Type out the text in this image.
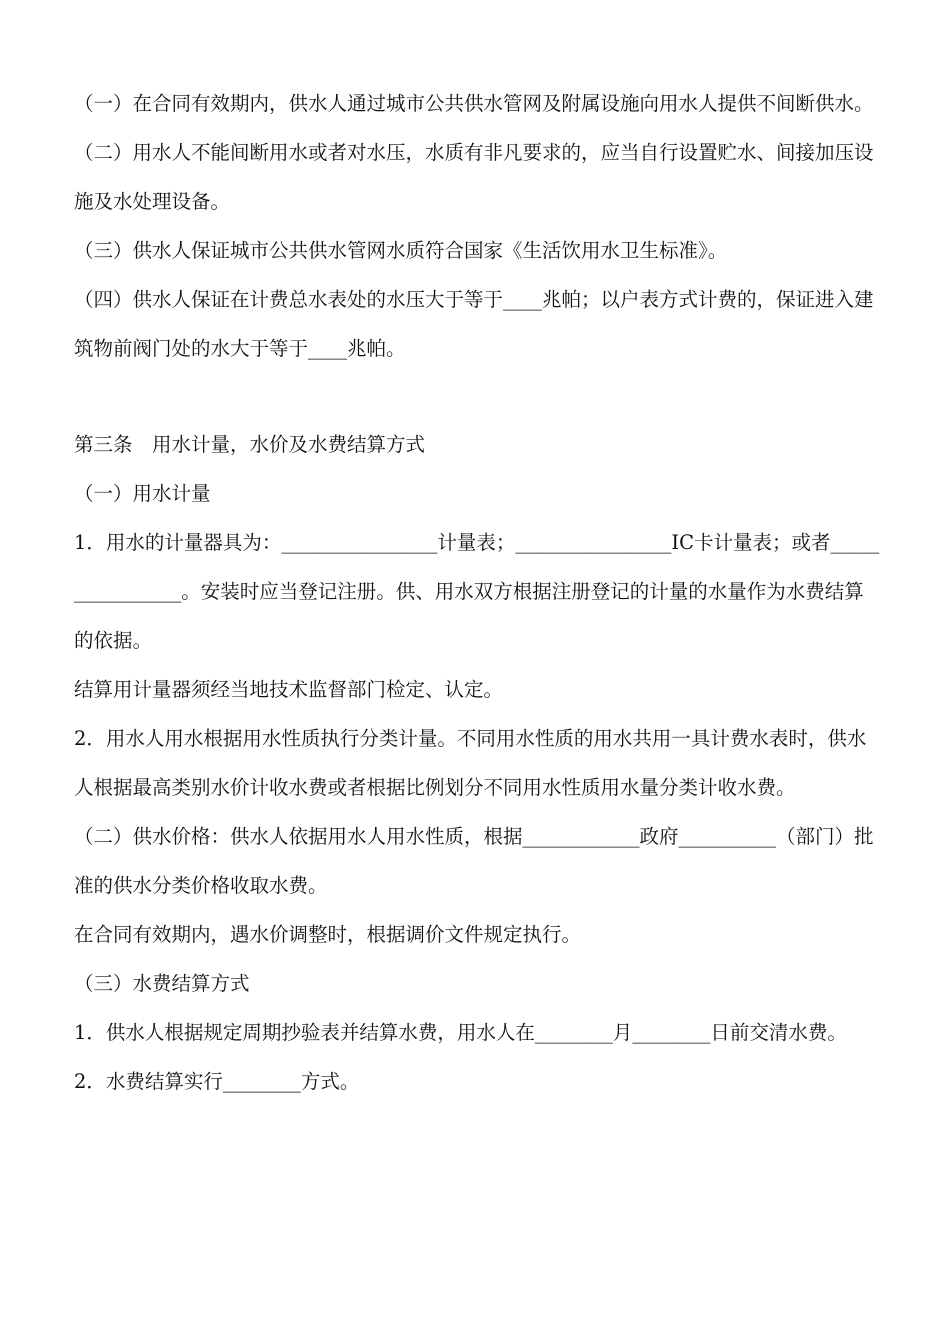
（一）在合同有效期内，供水人通过城市公共供水管网及附属设施向用水人提供不间断供水。

（二）用水人不能间断用水或者对水压，水质有非凡要求的，应当自行设置贮水、间接加压设施及水处理设备。

（三）供水人保证城市公共供水管网水质符合国家《生活饮用水卫生标准》。

（四）供水人保证在计费总水表处的水压大于等于____兆帕；以户表方式计费的，保证进入建筑物前阀门处的水大于等于____兆帕。

第三条　用水计量，水价及水费结算方式

（一）用水计量

1．用水的计量器具为：________________计量表；________________IC卡计量表；或者________________。安装时应当登记注册。供、用水双方根据注册登记的计量的水量作为水费结算的依据。

结算用计量器须经当地技术监督部门检定、认定。

2．用水人用水根据用水性质执行分类计量。不同用水性质的用水共用一具计费水表时，供水人根据最高类别水价计收水费或者根据比例划分不同用水性质用水量分类计收水费。

（二）供水价格：供水人依据用水人用水性质，根据____________政府__________（部门）批准的供水分类价格收取水费。

在合同有效期内，遇水价调整时，根据调价文件规定执行。

（三）水费结算方式

1．供水人根据规定周期抄验表并结算水费，用水人在________月________日前交清水费。

2．水费结算实行________方式。
